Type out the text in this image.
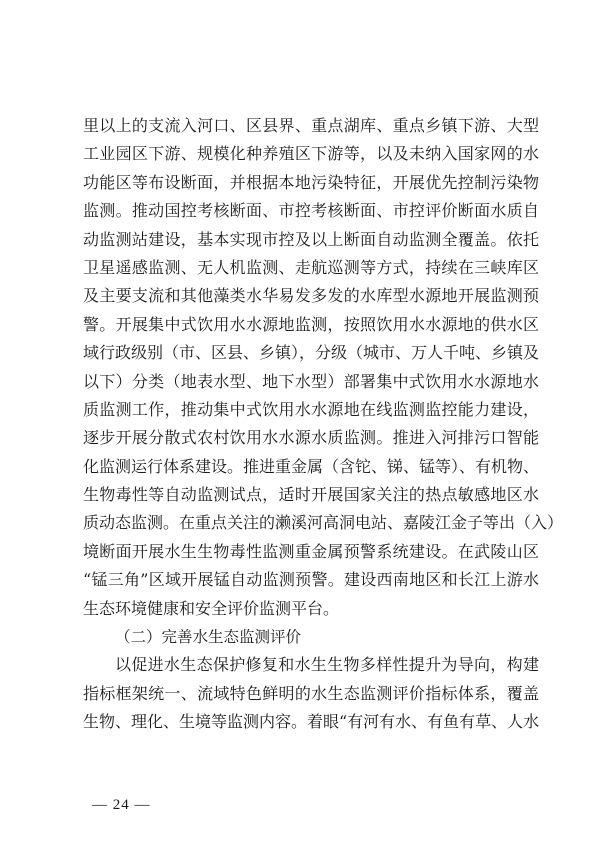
里以上的支流入河口、区县界、重点湖库、重点乡镇下游、大型
工业园区下游、规模化种养殖区下游等，以及未纳入国家网的水
功能区等布设断面，并根据本地污染特征，开展优先控制污染物
监测。推动国控考核断面、市控考核断面、市控评价断面水质自
动监测站建设，基本实现市控及以上断面自动监测全覆盖。依托
卫星遥感监测、无人机监测、走航巡测等方式，持续在三峡库区
及主要支流和其他藻类水华易发多发的水库型水源地开展监测预
警。开展集中式饮用水水源地监测，按照饮用水水源地的供水区
域行政级别（市、区县、乡镇），分级（城市、万人千吨、乡镇及
以下）分类（地表水型、地下水型）部署集中式饮用水水源地水
质监测工作，推动集中式饮用水水源地在线监测监控能力建设，
逐步开展分散式农村饮用水水源水质监测。推进入河排污口智能
化监测运行体系建设。推进重金属（含铊、锑、锰等）、有机物、
生物毒性等自动监测试点，适时开展国家关注的热点敏感地区水
质动态监测。在重点关注的濑溪河高洞电站、嘉陵江金子等出（入）
境断面开展水生生物毒性监测重金属预警系统建设。在武陵山区
“锰三角”区域开展锰自动监测预警。建设西南地区和长江上游水
生态环境健康和安全评价监测平台。
（二）完善水生态监测评价
以促进水生态保护修复和水生生物多样性提升为导向，构建
指标框架统一、流域特色鲜明的水生态监测评价指标体系，覆盖
生物、理化、生境等监测内容。着眼“有河有水、有鱼有草、人水
— 24 —
